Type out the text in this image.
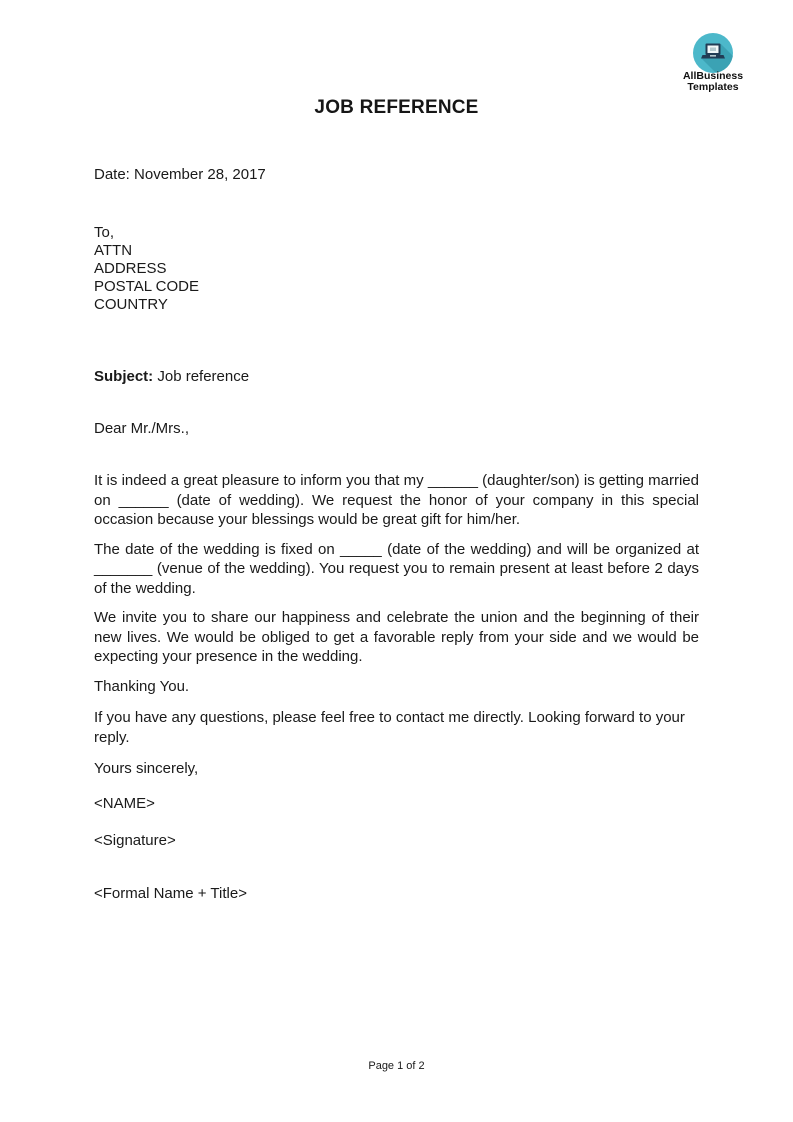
AllBusiness
Templates
JOB REFERENCE
Date: November 28, 2017
To,
ATTN
ADDRESS
POSTAL CODE
COUNTRY
Subject: Job reference
Dear Mr./Mrs.,

It is indeed a great pleasure to inform you that my ______ (daughter/son) is getting married on ______ (date of wedding). We request the honor of your company in this special occasion because your blessings would be great gift for him/her.

The date of the wedding is fixed on _____ (date of the wedding) and will be organized at _______ (venue of the wedding). You request you to remain present at least before 2 days of the wedding.

We invite you to share our happiness and celebrate the union and the beginning of their new lives. We would be obliged to get a favorable reply from your side and we would be expecting your presence in the wedding.

Thanking You.
If you have any questions, please feel free to contact me directly. Looking forward to your reply.
Yours sincerely,
<NAME>
<Signature>
<Formal Name + Title>
Page 1 of 2
